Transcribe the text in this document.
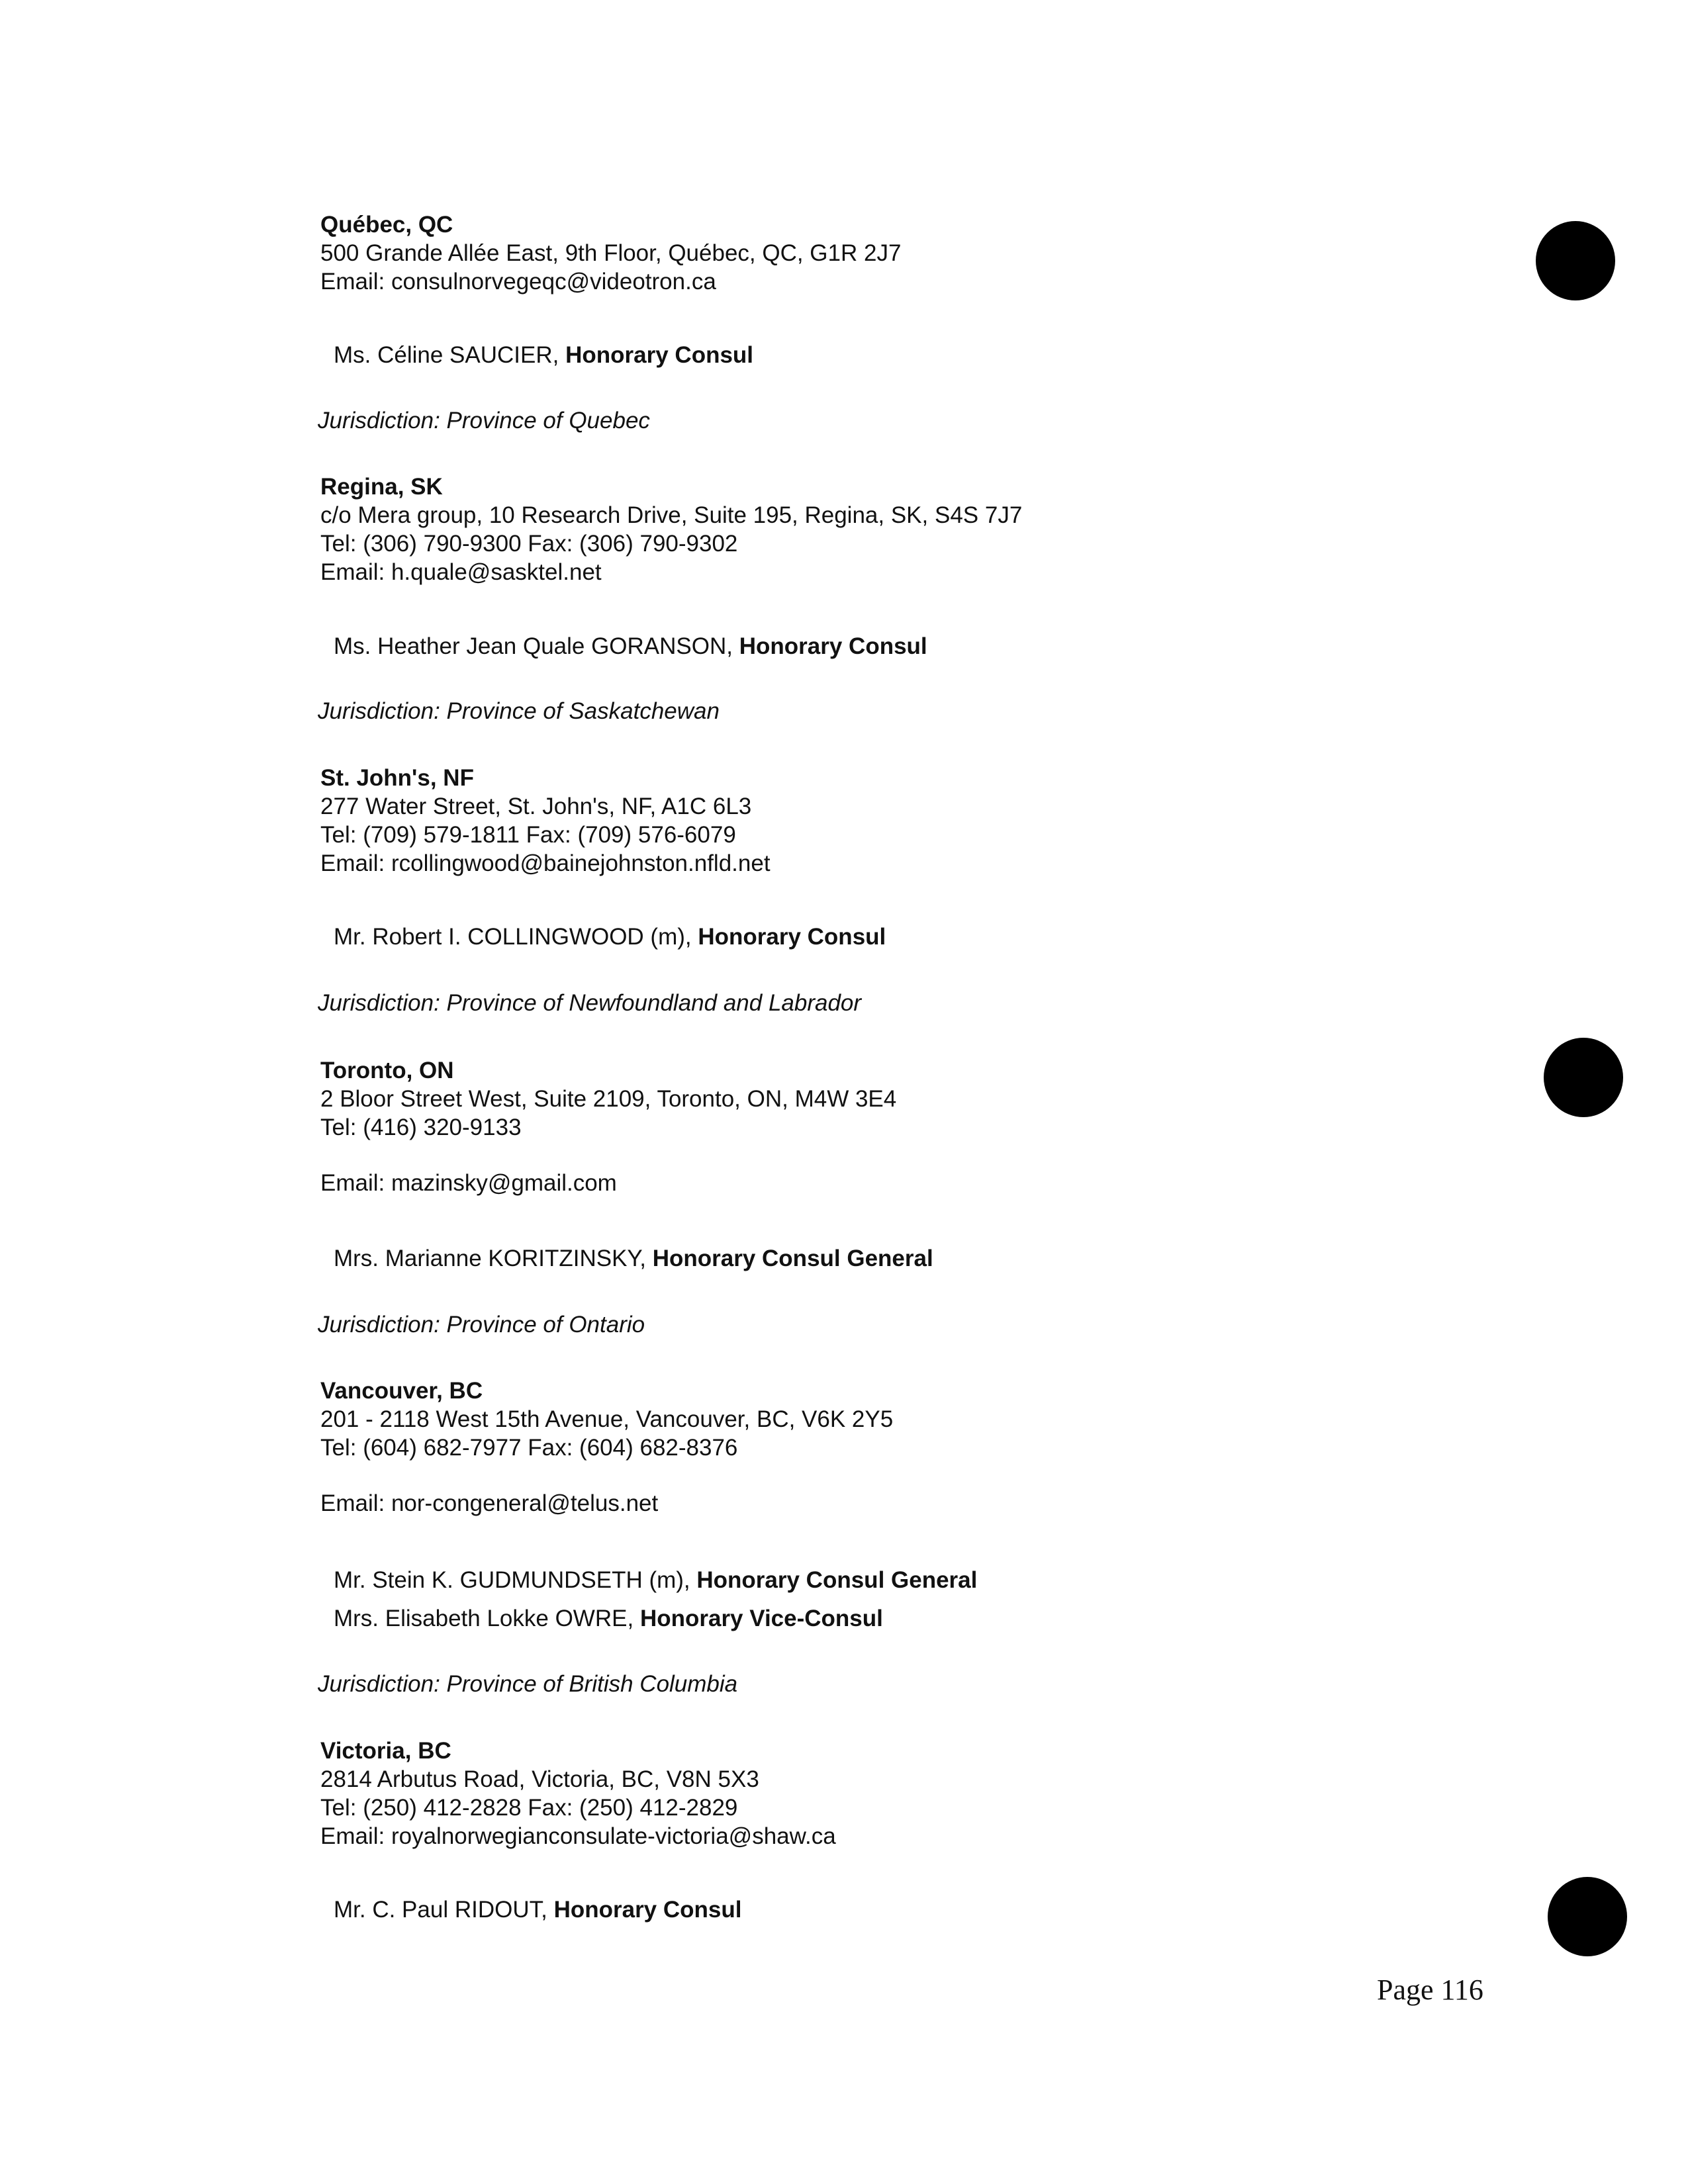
Québec, QC
500 Grande Allée East, 9th Floor, Québec, QC, G1R 2J7
Email: consulnorvegeqc@videotron.ca
Ms. Céline SAUCIER, Honorary Consul
Jurisdiction: Province of Quebec
Regina, SK
c/o Mera group, 10 Research Drive, Suite 195, Regina, SK, S4S 7J7
Tel: (306) 790-9300 Fax: (306) 790-9302
Email: h.quale@sasktel.net
Ms. Heather Jean Quale GORANSON, Honorary Consul
Jurisdiction: Province of Saskatchewan
St. John's, NF
277 Water Street, St. John's, NF, A1C 6L3
Tel: (709) 579-1811 Fax: (709) 576-6079
Email: rcollingwood@bainejohnston.nfld.net
Mr. Robert I. COLLINGWOOD (m), Honorary Consul
Jurisdiction: Province of Newfoundland and Labrador
Toronto, ON
2 Bloor Street West, Suite 2109, Toronto, ON, M4W 3E4
Tel: (416) 320-9133
Email: mazinsky@gmail.com
Mrs. Marianne KORITZINSKY, Honorary Consul General
Jurisdiction: Province of Ontario
Vancouver, BC
201 - 2118 West 15th Avenue, Vancouver, BC, V6K 2Y5
Tel: (604) 682-7977 Fax: (604) 682-8376
Email: nor-congeneral@telus.net
Mr. Stein K. GUDMUNDSETH (m), Honorary Consul General
Mrs. Elisabeth Lokke OWRE, Honorary Vice-Consul
Jurisdiction: Province of British Columbia
Victoria, BC
2814 Arbutus Road, Victoria, BC, V8N 5X3
Tel: (250) 412-2828 Fax: (250) 412-2829
Email: royalnorwegianconsulate-victoria@shaw.ca
Mr. C. Paul RIDOUT, Honorary Consul
Page 116
